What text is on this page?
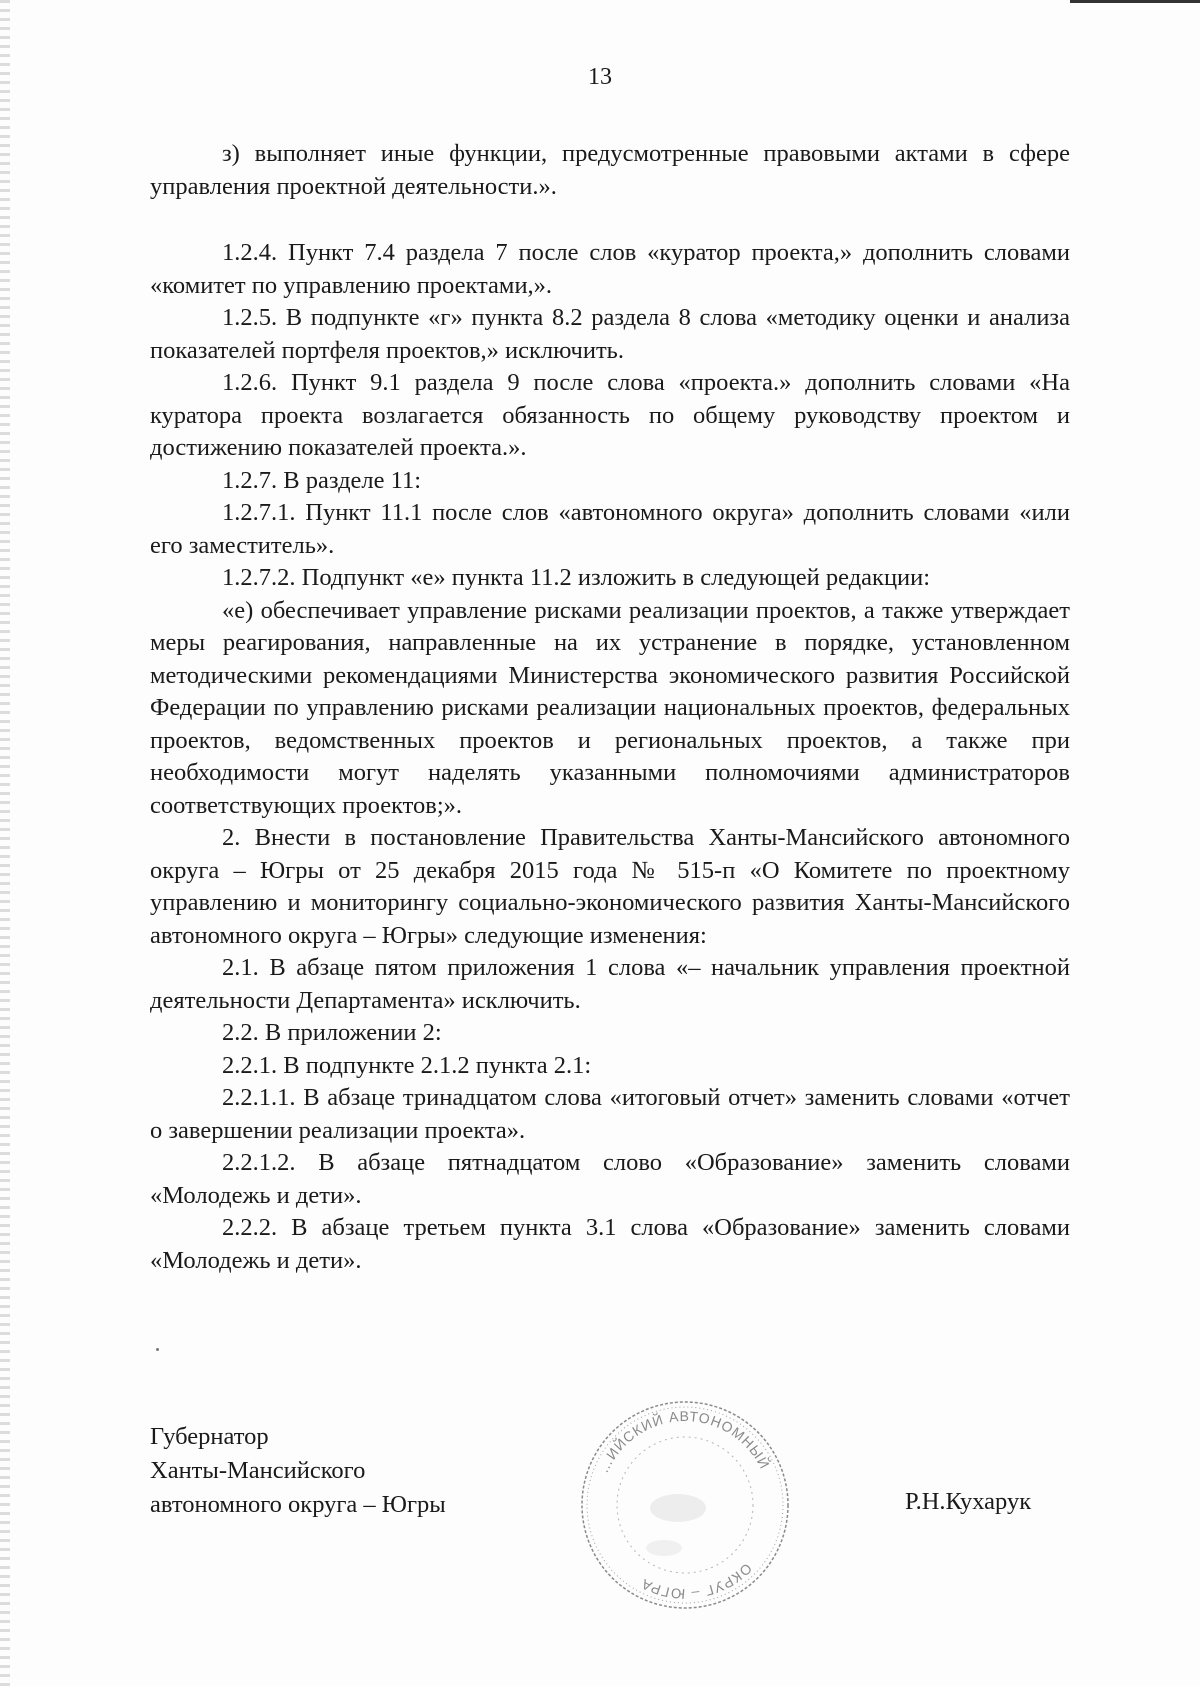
13

з) выполняет иные функции, предусмотренные правовыми актами в сфере управления проектной деятельности.».

1.2.4. Пункт 7.4 раздела 7 после слов «куратор проекта,» дополнить словами «комитет по управлению проектами,».

1.2.5. В подпункте «г» пункта 8.2 раздела 8 слова «методику оценки и анализа показателей портфеля проектов,» исключить.

1.2.6. Пункт 9.1 раздела 9 после слова «проекта.» дополнить словами «На куратора проекта возлагается обязанность по общему руководству проектом и достижению показателей проекта.».

1.2.7. В разделе 11:

1.2.7.1. Пункт 11.1 после слов «автономного округа» дополнить словами «или его заместитель».

1.2.7.2. Подпункт «е» пункта 11.2 изложить в следующей редакции:

«е) обеспечивает управление рисками реализации проектов, а также утверждает меры реагирования, направленные на их устранение в порядке, установленном методическими рекомендациями Министерства экономического развития Российской Федерации по управлению рисками реализации национальных проектов, федеральных проектов, ведомственных проектов и региональных проектов, а также при необходимости могут наделять указанными полномочиями администраторов соответствующих проектов;».

2. Внести в постановление Правительства Ханты-Мансийского автономного округа – Югры от 25 декабря 2015 года № 515-п «О Комитете по проектному управлению и мониторингу социально-экономического развития Ханты-Мансийского автономного округа – Югры» следующие изменения:

2.1. В абзаце пятом приложения 1 слова «– начальник управления проектной деятельности Департамента» исключить.

2.2. В приложении 2:

2.2.1. В подпункте 2.1.2 пункта 2.1:

2.2.1.1. В абзаце тринадцатом слова «итоговый отчет» заменить словами «отчет о завершении реализации проекта».

2.2.1.2. В абзаце пятнадцатом слово «Образование» заменить словами «Молодежь и дети».

2.2.2. В абзаце третьем пункта 3.1 слова «Образование» заменить словами «Молодежь и дети».

Губернатор
Ханты-Мансийского
автономного округа – Югры
…ИЙСКИЙ АВТОНОМНЫЙ
ОКРУГ – ЮГРА
Р.Н.Кухарук
